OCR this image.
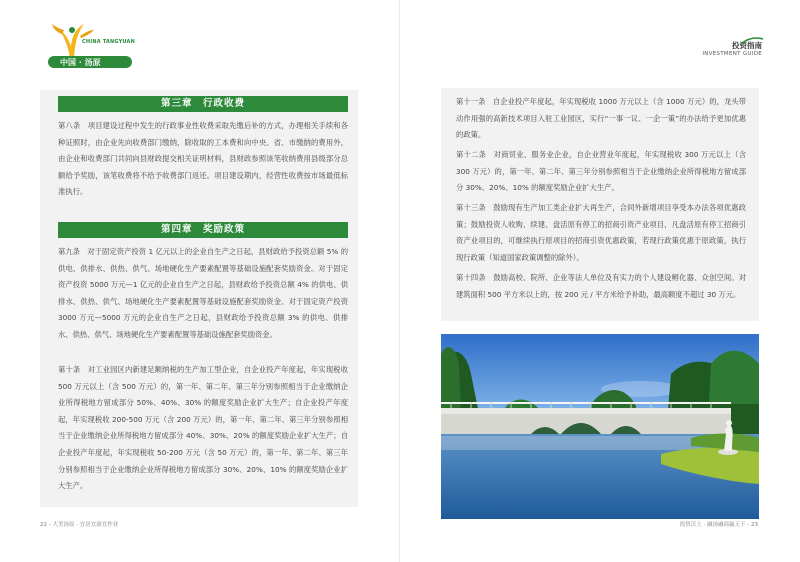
CHINA TANGYUAN
中国 · 汤原
第三章　行政收费
第八条　项目建设过程中发生的行政事业性收费采取先缴后补的方式，办理相关手续和各种证照时，由企业先向收费部门缴纳，除收取的工本费和向中央、省、市缴纳的费用外，由企业和收费部门共同向县财政提交相关证明材料，县财政参照该笔收纳费用县级部分总额给予奖励，该笔收费将不给予收费部门返还。项目建设期内，经营性收费按市场最低标准执行。
第四章　奖励政策
第九条　对于固定资产投资 1 亿元以上的企业自生产之日起，县财政给予投资总额 5% 的供电、供排水、供热、供气、场地硬化生产要素配置等基础设施配套奖励资金。对于固定资产投资 5000 万元—1 亿元的企业自生产之日起，县财政给予投资总额 4% 的供电、供排水、供热、供气、场地硬化生产要素配置等基础设施配套奖励资金。对于固定资产投资 3000 万元—5000 万元的企业自生产之日起，县财政给予投资总额 3% 的供电、供排水、供热、供气、场地硬化生产要素配置等基础设施配套奖励资金。
第十条　对工业园区内新建足额纳税的生产加工型企业，自企业投产年度起，年实现税收 500 万元以上（含 500 万元）的，第一年、第二年、第三年分别参照相当于企业缴纳企业所得税地方留成部分 50%、40%、30% 的额度奖励企业扩大生产；自企业投产年度起，年实现税收 200-500 万元（含 200 万元）的，第一年、第二年、第三年分别参照相当于企业缴纳企业所得税地方留成部分 40%、30%、20% 的额度奖励企业扩大生产；自企业投产年度起，年实现税收 50-200 万元（含 50 万元）的，第一年、第二年、第三年分别参照相当于企业缴纳企业所得税地方留成部分 30%、20%、10% 的额度奖励企业扩大生产。
22 - 大美汤原 · 宜居宜游宜作业
投资指南
INVESTMENT GUIDE
第十一条　自企业投产年度起，年实现税收 1000 万元以上（含 1000 万元）的，龙头带动作用强的高新技术项目入驻工业园区，实行“一事一议、一企一策”的办法给予更加优惠的政策。
第十二条　对商贸业、服务业企业，自企业营业年度起，年实现税收 300 万元以上（含 300 万元）的，第一年、第二年、第三年分别参照相当于企业缴纳企业所得税地方留成部分 30%、20%、10% 的额度奖励企业扩大生产。
第十三条　鼓励现有生产加工类企业扩大再生产，合同外新增项目享受本办法各项优惠政策；鼓励投资人收购、续建、盘活原有停工的招商引资产业项目，凡盘活原有停工招商引资产业项目的，可继续执行原项目的招商引资优惠政策，若现行政策优惠于原政策，执行现行政策（知道国家政策调整的除外）。
第十四条　鼓励高校、院所、企业等法人单位及有实力的个人建设孵化器、众创空间。对建筑面积 500 平方米以上的，按 200 元 / 平方米给予补助，最高额度不超过 30 万元。
投资沃土 · 融汤融商赢天下 - 23
